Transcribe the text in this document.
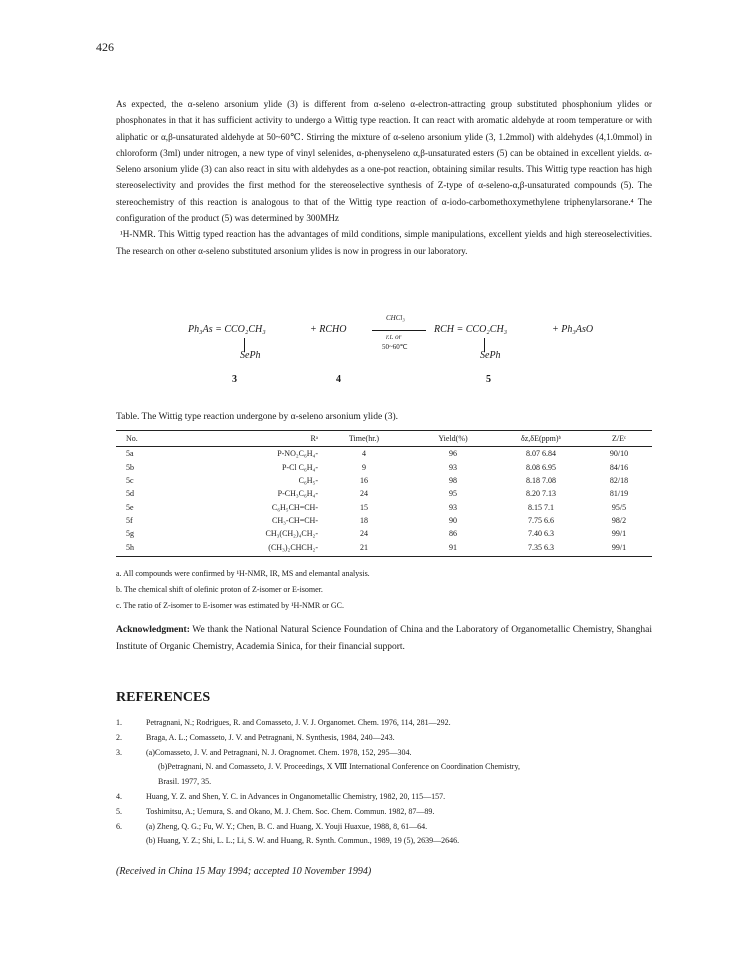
426

As expected, the α-seleno arsonium ylide (3) is different from α-seleno α-electron-attracting group substituted phosphonium ylides or phosphonates in that it has sufficient activity to undergo a Wittig type reaction. It can react with aromatic aldehyde at room temperature or with aliphatic or α,β-unsaturated aldehyde at 50~60℃. Stirring the mixture of α-seleno arsonium ylide (3, 1.2mmol) with aldehydes (4,1.0mmol) in chloroform (3ml) under nitrogen, a new type of vinyl selenides, α-phenyseleno α,β-unsaturated esters (5) can be obtained in excellent yields. α-Seleno arsonium ylide (3) can also react in situ with aldehydes as a one-pot reaction, obtaining similar results. This Wittig type reaction has high stereoselectivity and provides the first method for the stereoselective synthesis of Z-type of α-seleno-α,β-unsaturated compounds (5). The stereochemistry of this reaction is analogous to that of the Wittig type reaction of α-iodo-carbomethoxymethylene triphenylarsorane.⁴ The configuration of the product (5) was determined by 300MHz

¹H-NMR. This Wittig typed reaction has the advantages of mild conditions, simple manipulations, excellent yields and high stereoselectivities. The research on other α-seleno substituted arsonium ylides is now in progress in our laboratory.

Ph₃As = CCO₂CH₃
SePh
+ RCHO
CHCl₃
r.t. or
50~60℃
RCH = CCO₂CH₃
SePh
+ Ph₃AsO
3	4	5
Table. The Wittig type reaction undergone by α-seleno arsonium ylide (3).
No.	Rᵃ	Time(hr.)	Yield(%)	δz,δE(ppm)ᵇ	Z/Eᶜ
5a	P-NO₂C₆H₄-	4	96	8.07 6.84	90/10
5b	P-Cl C₆H₄-	9	93	8.08 6.95	84/16
5c	C₆H₅-	16	98	8.18 7.08	82/18
5d	P-CH₃C₆H₄-	24	95	8.20 7.13	81/19
5e	C₆H₅CH=CH-	15	93	8.15 7.1	95/5
5f	CH₃-CH=CH-	18	90	7.75 6.6	98/2
5g	CH₃(CH₂)₄CH₂-	24	86	7.40 6.3	99/1
5h	(CH₃)₂CHCH₂-	21	91	7.35 6.3	99/1
a. All compounds were confirmed by ¹H-NMR, IR, MS and elemantal analysis.
b. The chemical shift of olefinic proton of Z-isomer or E-isomer.
c. The ratio of Z-isomer to E-isomer was estimated by ¹H-NMR or GC.
Acknowledgment: We thank the National Natural Science Foundation of China and the Laboratory of Organometallic Chemistry, Shanghai Institute of Organic Chemistry, Academia Sinica, for their financial support.
REFERENCES
1.	Petragnani, N.; Rodrigues, R. and Comasseto, J. V. J. Organomet. Chem. 1976, 114, 281—292.
2.	Braga, A. L.; Comasseto, J. V. and Petragnani, N. Synthesis, 1984, 240—243.
3.	(a)Comasseto, J. V. and Petragnani, N. J. Oragnomet. Chem. 1978, 152, 295—304.
(b)Petragnani, N. and Comasseto, J. V. Proceedings, X Ⅷ International Conference on Coordination Chemistry,
Brasil. 1977, 35.
4.	Huang, Y. Z. and Shen, Y. C. in Advances in Onganometallic Chemistry, 1982, 20, 115—157.
5.	Toshimitsu, A.; Uemura, S. and Okano, M. J. Chem. Soc. Chem. Commun. 1982, 87—89.
6.	(a) Zheng, Q. G.; Fu, W. Y.; Chen, B. C. and Huang, X. Youji Huaxue, 1988, 8, 61—64.
(b) Huang, Y. Z.; Shi, L. L.; Li, S. W. and Huang, R. Synth. Commun., 1989, 19 (5), 2639—2646.
(Received in China 15 May 1994; accepted 10 November 1994)
